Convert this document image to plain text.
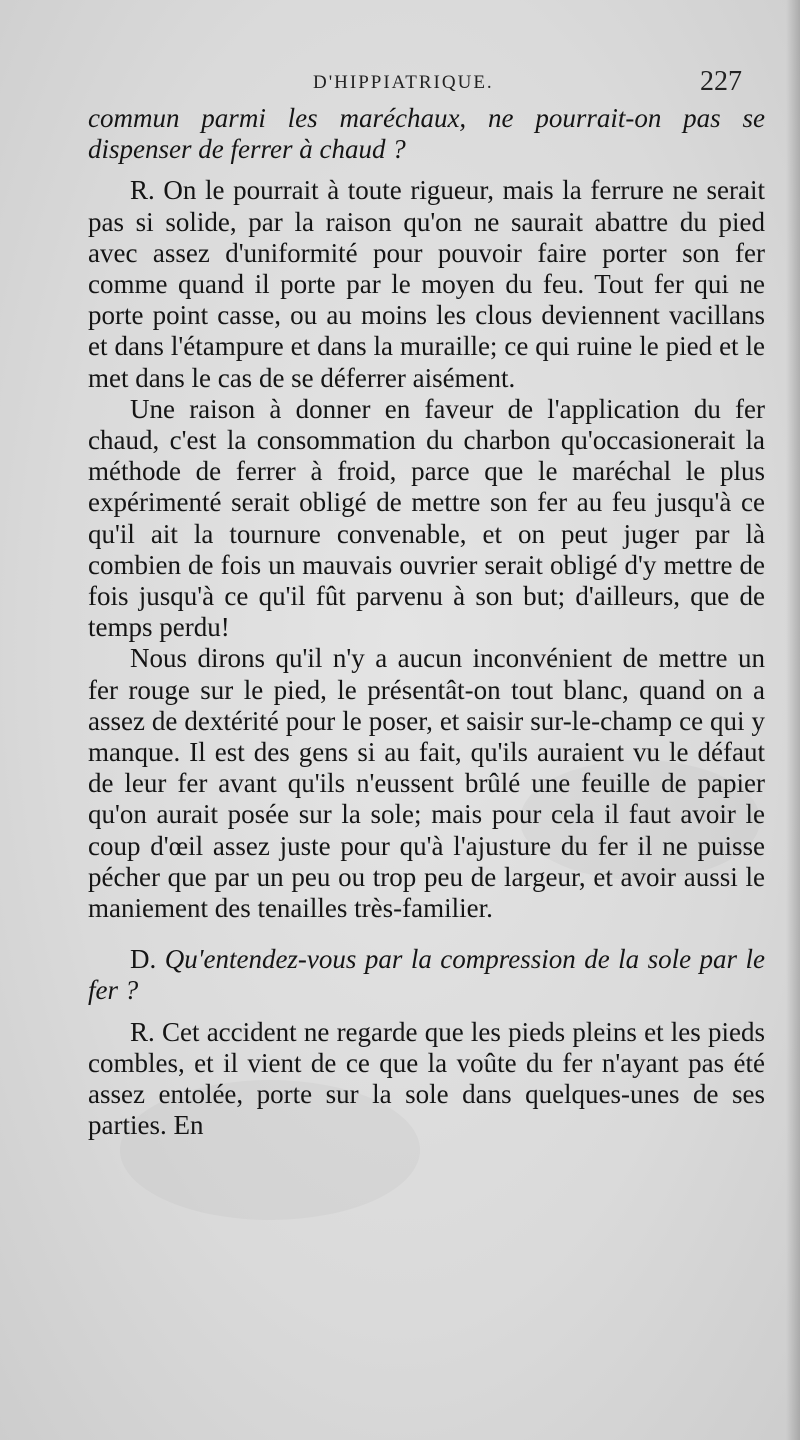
D'HIPPIATRIQUE.	227

commun parmi les maréchaux, ne pourrait-on pas se dispenser de ferrer à chaud ?

R. On le pourrait à toute rigueur, mais la ferrure ne serait pas si solide, par la raison qu'on ne saurait abattre du pied avec assez d'uniformité pour pouvoir faire porter son fer comme quand il porte par le moyen du feu. Tout fer qui ne porte point casse, ou au moins les clous deviennent vacillans et dans l'étampure et dans la muraille; ce qui ruine le pied et le met dans le cas de se déferrer aisément.

Une raison à donner en faveur de l'application du fer chaud, c'est la consommation du charbon qu'occasionerait la méthode de ferrer à froid, parce que le maréchal le plus expérimenté serait obligé de mettre son fer au feu jusqu'à ce qu'il ait la tournure convenable, et on peut juger par là combien de fois un mauvais ouvrier serait obligé d'y mettre de fois jusqu'à ce qu'il fût parvenu à son but; d'ailleurs, que de temps perdu!

Nous dirons qu'il n'y a aucun inconvénient de mettre un fer rouge sur le pied, le présentât-on tout blanc, quand on a assez de dextérité pour le poser, et saisir sur-le-champ ce qui y manque. Il est des gens si au fait, qu'ils auraient vu le défaut de leur fer avant qu'ils n'eussent brûlé une feuille de papier qu'on aurait posée sur la sole; mais pour cela il faut avoir le coup d'œil assez juste pour qu'à l'ajusture du fer il ne puisse pécher que par un peu ou trop peu de largeur, et avoir aussi le maniement des tenailles très-familier.

D. Qu'entendez-vous par la compression de la sole par le fer ?

R. Cet accident ne regarde que les pieds pleins et les pieds combles, et il vient de ce que la voûte du fer n'ayant pas été assez entolée, porte sur la sole dans quelques-unes de ses parties. En
